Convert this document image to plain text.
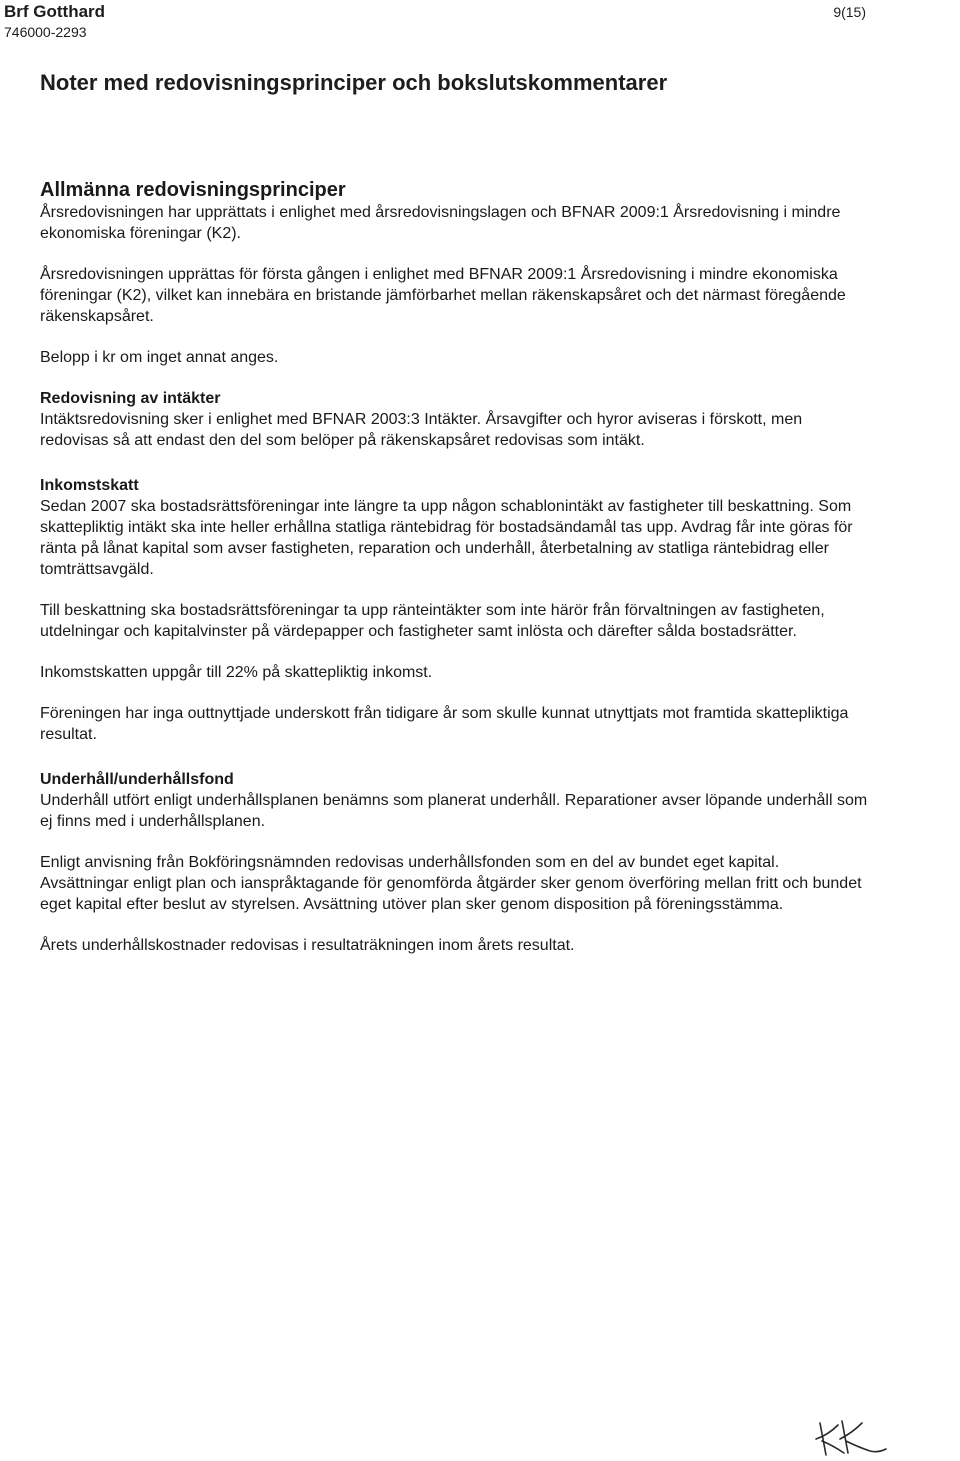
Brf Gotthard
746000-2293
9(15)
Noter med redovisningsprinciper och bokslutskommentarer
Allmänna redovisningsprinciper

Årsredovisningen har upprättats i enlighet med årsredovisningslagen och BFNAR 2009:1 Årsredovisning i mindre ekonomiska föreningar (K2).

Årsredovisningen upprättas för första gången i enlighet med BFNAR 2009:1 Årsredovisning i mindre ekonomiska föreningar (K2), vilket kan innebära en bristande jämförbarhet mellan räkenskapsåret och det närmast föregående räkenskapsåret.

Belopp i kr om inget annat anges.

Redovisning av intäkter

Intäktsredovisning sker i enlighet med BFNAR 2003:3 Intäkter. Årsavgifter och hyror aviseras i förskott, men redovisas så att endast den del som belöper på räkenskapsåret redovisas som intäkt.

Inkomstskatt

Sedan 2007 ska bostadsrättsföreningar inte längre ta upp någon schablonintäkt av fastigheter till beskattning. Som skattepliktig intäkt ska inte heller erhållna statliga räntebidrag för bostadsändamål tas upp. Avdrag får inte göras för ränta på lånat kapital som avser fastigheten, reparation och underhåll, återbetalning av statliga räntebidrag eller tomträttsavgäld.

Till beskattning ska bostadsrättsföreningar ta upp ränteintäkter som inte härör från förvaltningen av fastigheten, utdelningar och kapitalvinster på värdepapper och fastigheter samt inlösta och därefter sålda bostadsrätter.

Inkomstskatten uppgår till 22% på skattepliktig inkomst.

Föreningen har inga outtnyttjade underskott från tidigare år som skulle kunnat utnyttjats mot framtida skattepliktiga resultat.

Underhåll/underhållsfond

Underhåll utfört enligt underhållsplanen benämns som planerat underhåll. Reparationer avser löpande underhåll som ej finns med i underhållsplanen.

Enligt anvisning från Bokföringsnämnden redovisas underhållsfonden som en del av bundet eget kapital. Avsättningar enligt plan och ianspråktagande för genomförda åtgärder sker genom överföring mellan fritt och bundet eget kapital efter beslut av styrelsen. Avsättning utöver plan sker genom disposition på föreningsstämma.

Årets underhållskostnader redovisas i resultaträkningen inom årets resultat.
